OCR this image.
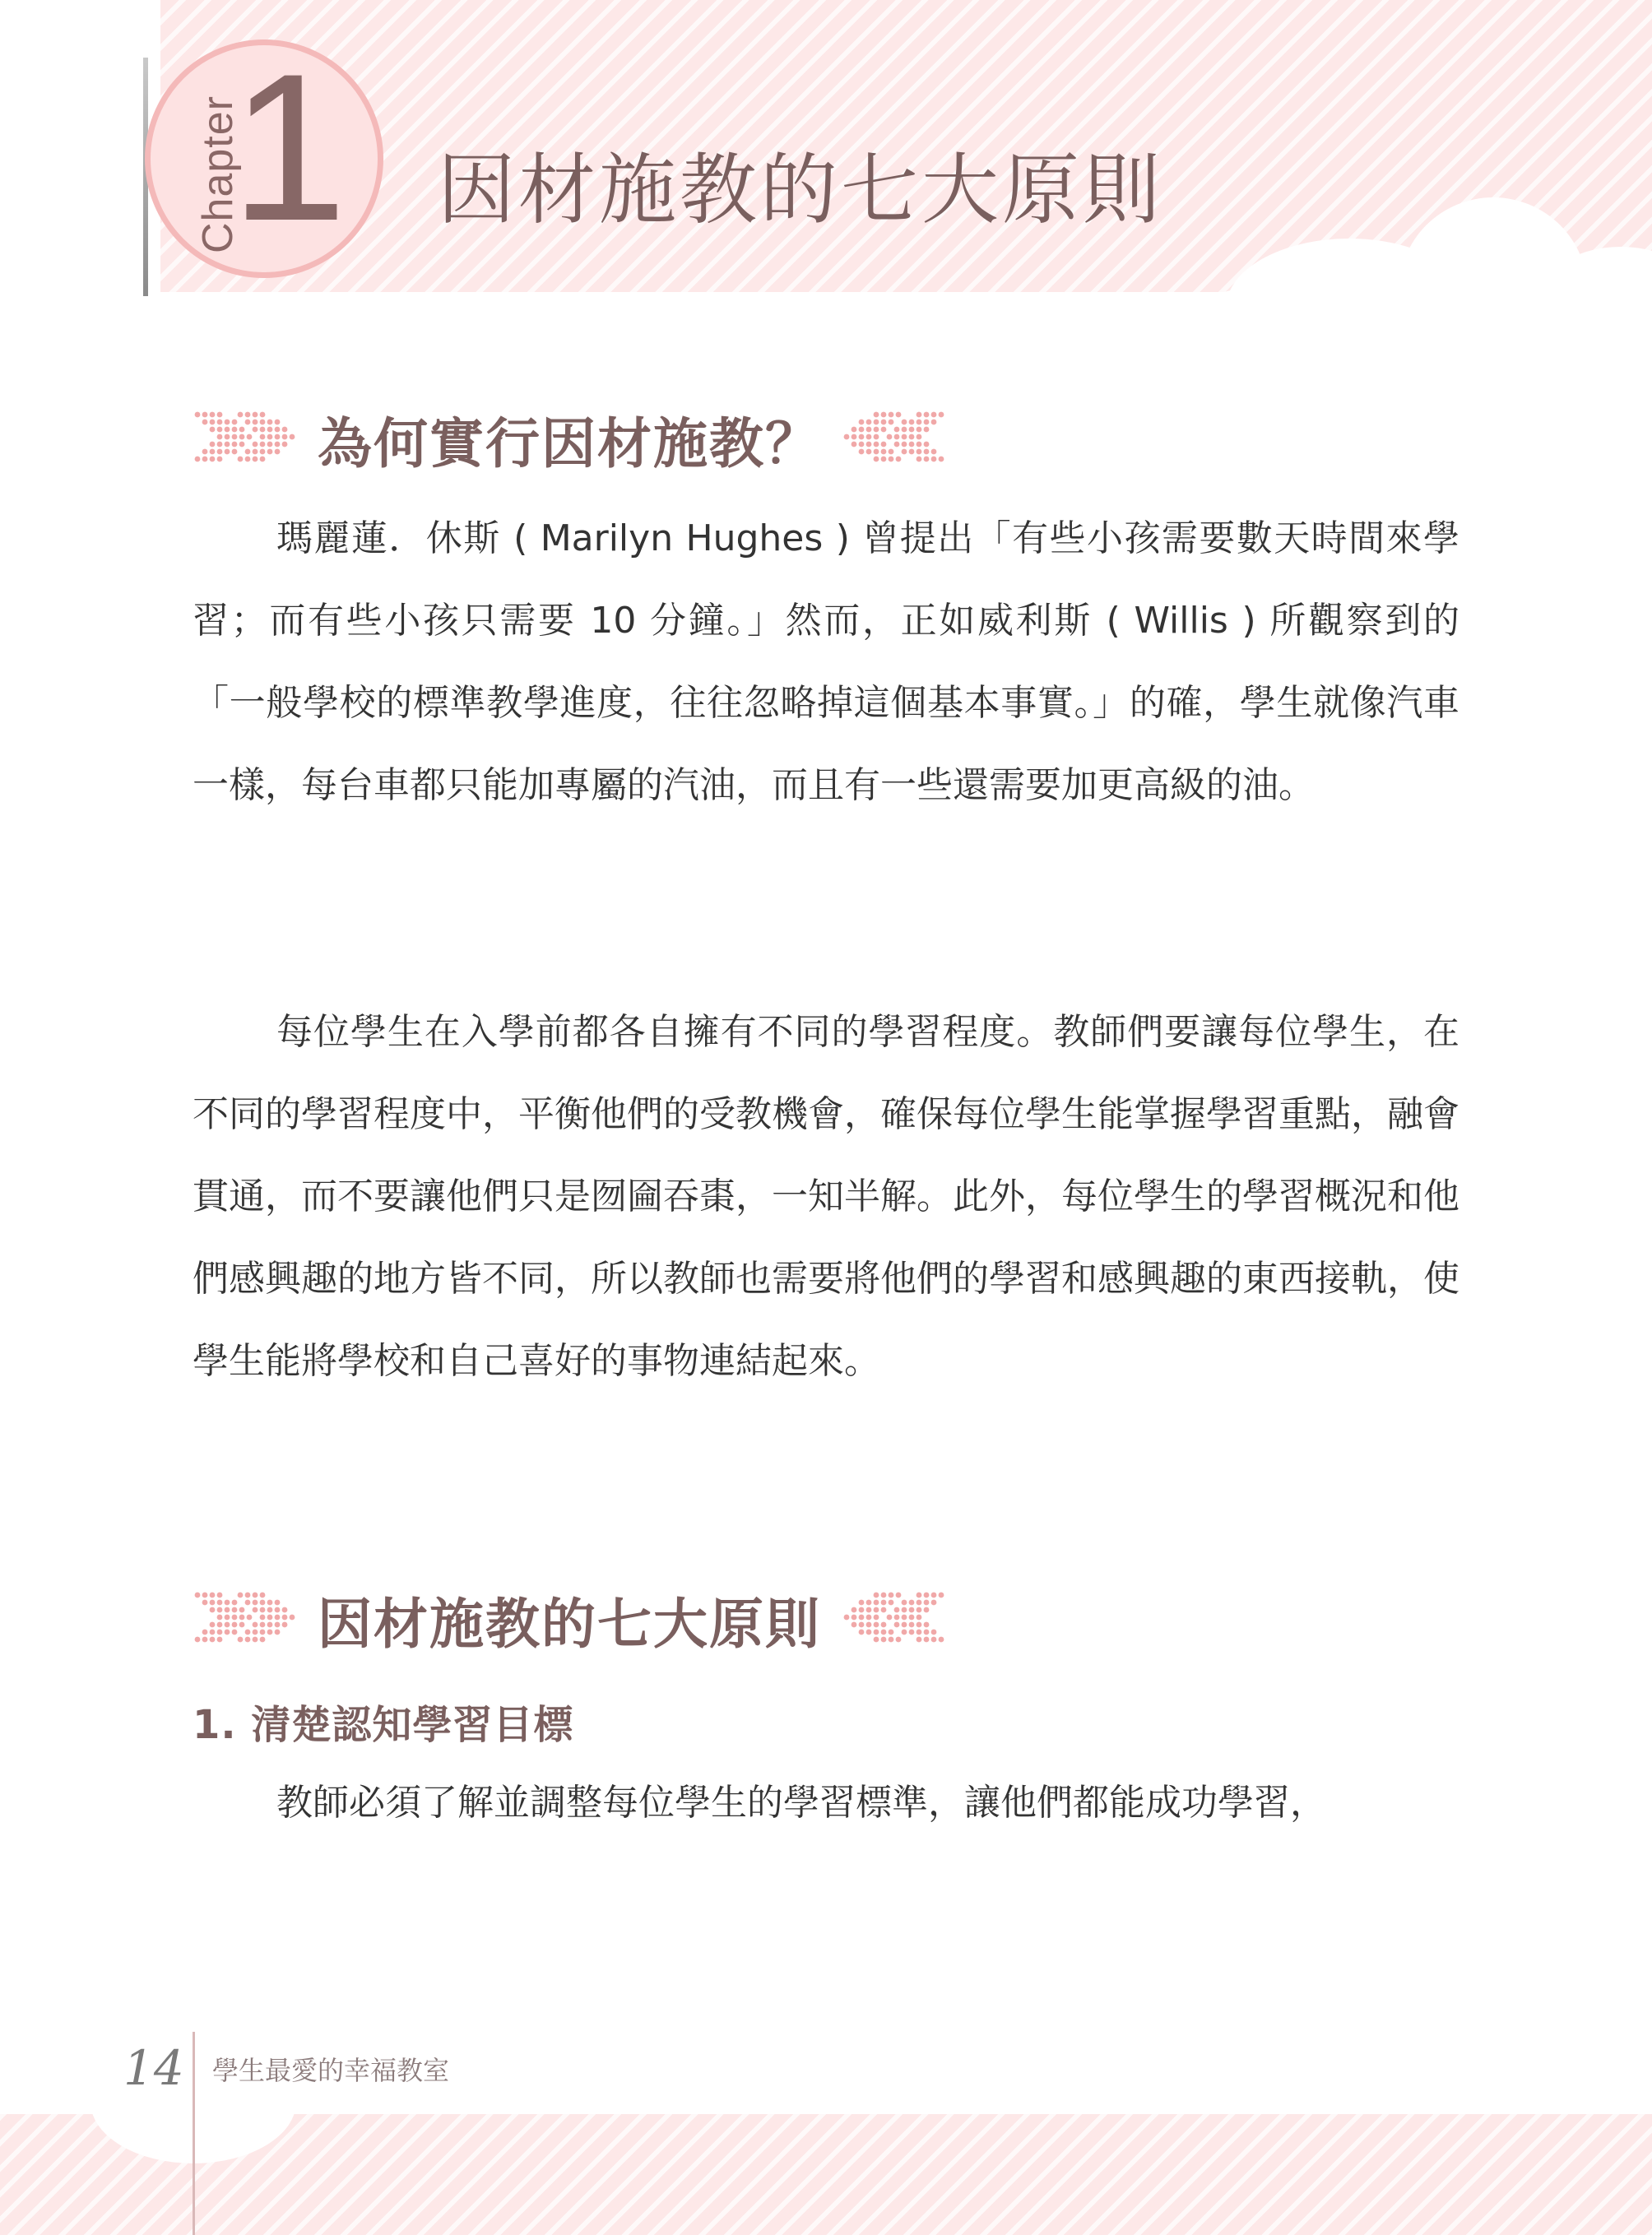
Chapter
1 因材施教的七大原則
為何實行因材施教？

瑪麗蓮．休斯 ( Marilyn Hughes ) 曾提出「有些小孩需要數天時間來學習；而有些小孩只需要 10 分鐘。」然而，正如威利斯 ( Willis ) 所觀察到的「一般學校的標準教學進度，往往忽略掉這個基本事實。」的確，學生就像汽車一樣，每台車都只能加專屬的汽油，而且有一些還需要加更高級的油。

每位學生在入學前都各自擁有不同的學習程度。教師們要讓每位學生，在不同的學習程度中，平衡他們的受教機會，確保每位學生能掌握學習重點，融會貫通，而不要讓他們只是囫圇吞棗，一知半解。此外，每位學生的學習概況和他們感興趣的地方皆不同，所以教師也需要將他們的學習和感興趣的東西接軌，使學生能將學校和自己喜好的事物連結起來。

因材施教的七大原則
1. 清楚認知學習目標

教師必須了解並調整每位學生的學習標準，讓他們都能成功學習，

14 學生最愛的幸福教室
